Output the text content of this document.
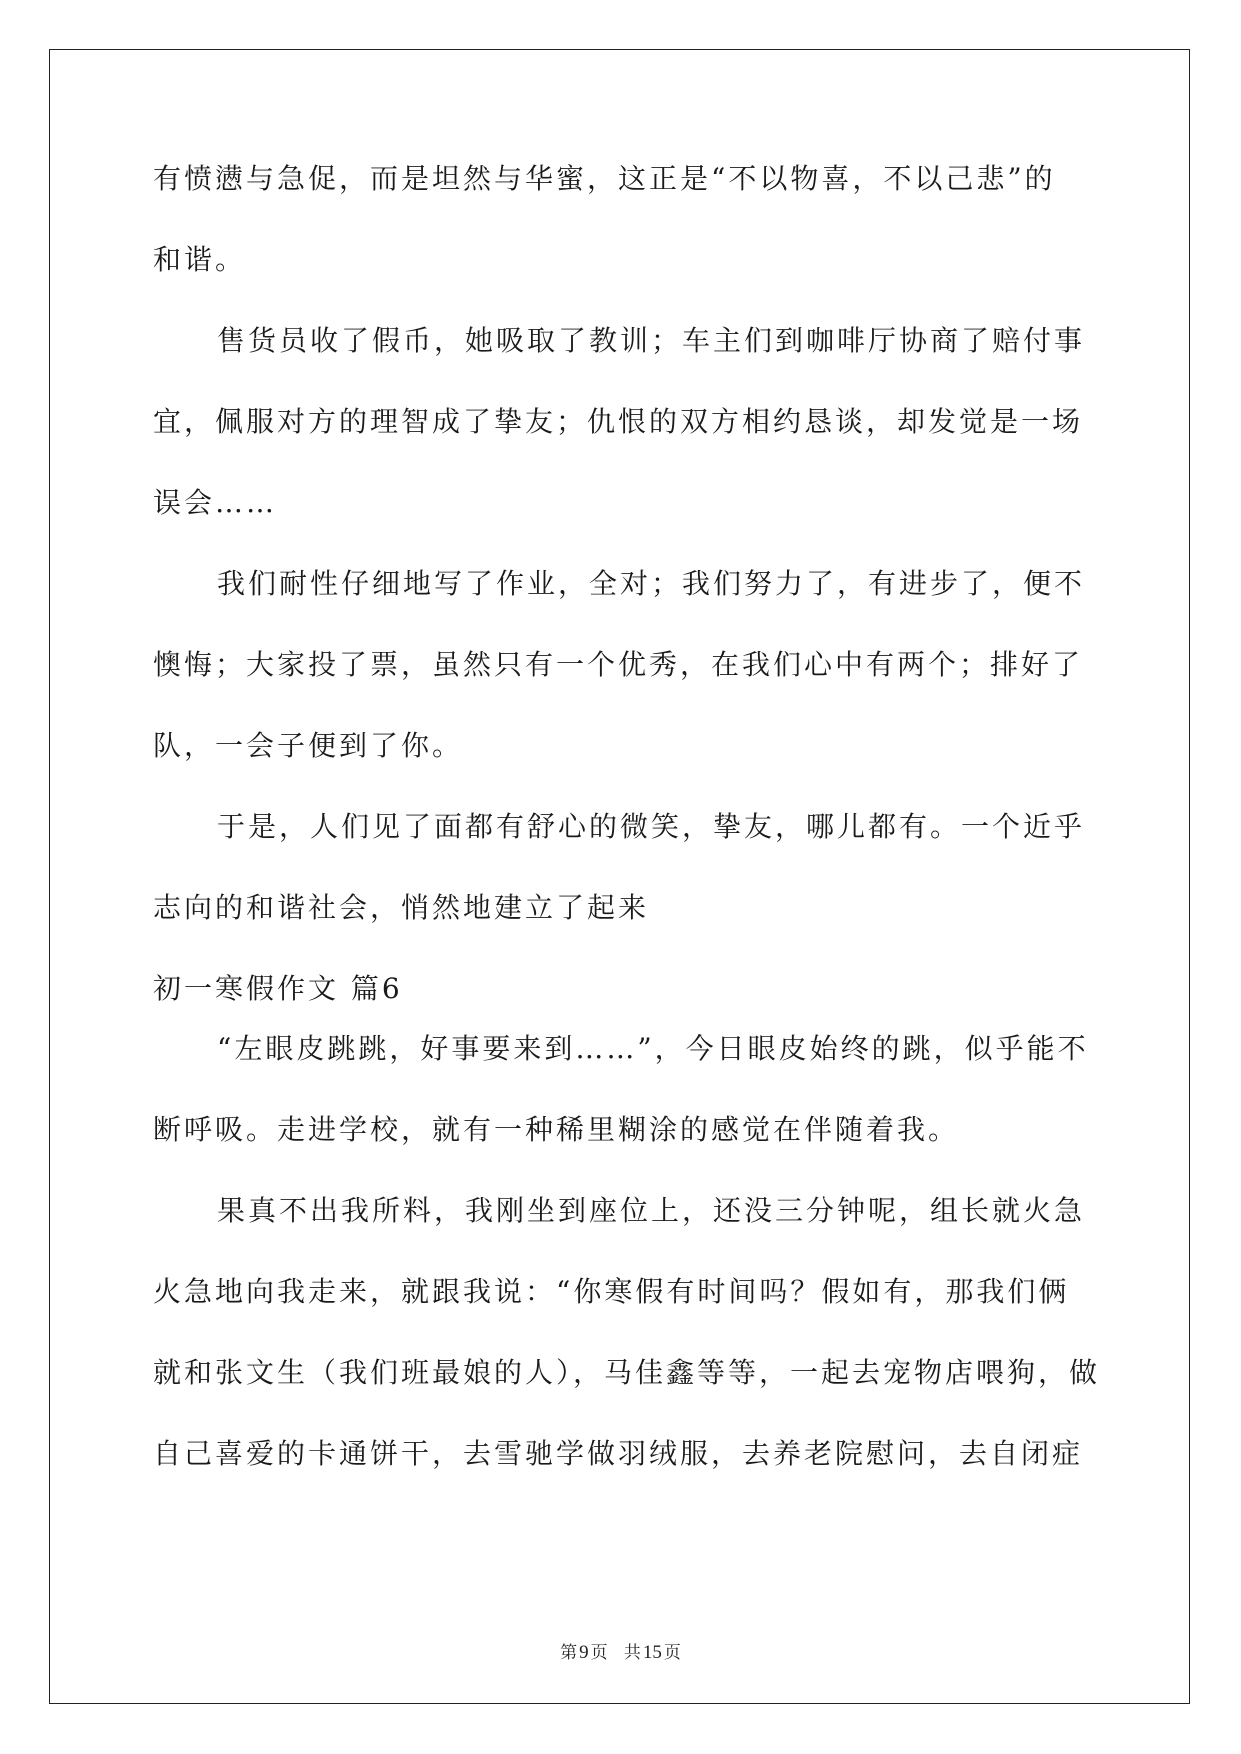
有愤懑与急促，而是坦然与华蜜，这正是“不以物喜，不以己悲”的
和谐。
售货员收了假币，她吸取了教训；车主们到咖啡厅协商了赔付事
宜，佩服对方的理智成了挚友；仇恨的双方相约恳谈，却发觉是一场
误会……
我们耐性仔细地写了作业，全对；我们努力了，有进步了，便不
懊悔；大家投了票，虽然只有一个优秀，在我们心中有两个；排好了
队，一会子便到了你。
于是，人们见了面都有舒心的微笑，挚友，哪儿都有。一个近乎
志向的和谐社会，悄然地建立了起来
初一寒假作文 篇6
“左眼皮跳跳，好事要来到……”，今日眼皮始终的跳，似乎能不
断呼吸。走进学校，就有一种稀里糊涂的感觉在伴随着我。
果真不出我所料，我刚坐到座位上，还没三分钟呢，组长就火急
火急地向我走来，就跟我说：“你寒假有时间吗？假如有，那我们俩
就和张文生（我们班最娘的人），马佳鑫等等，一起去宠物店喂狗，做
自己喜爱的卡通饼干，去雪驰学做羽绒服，去养老院慰问，去自闭症
第 9 页 共 15 页
